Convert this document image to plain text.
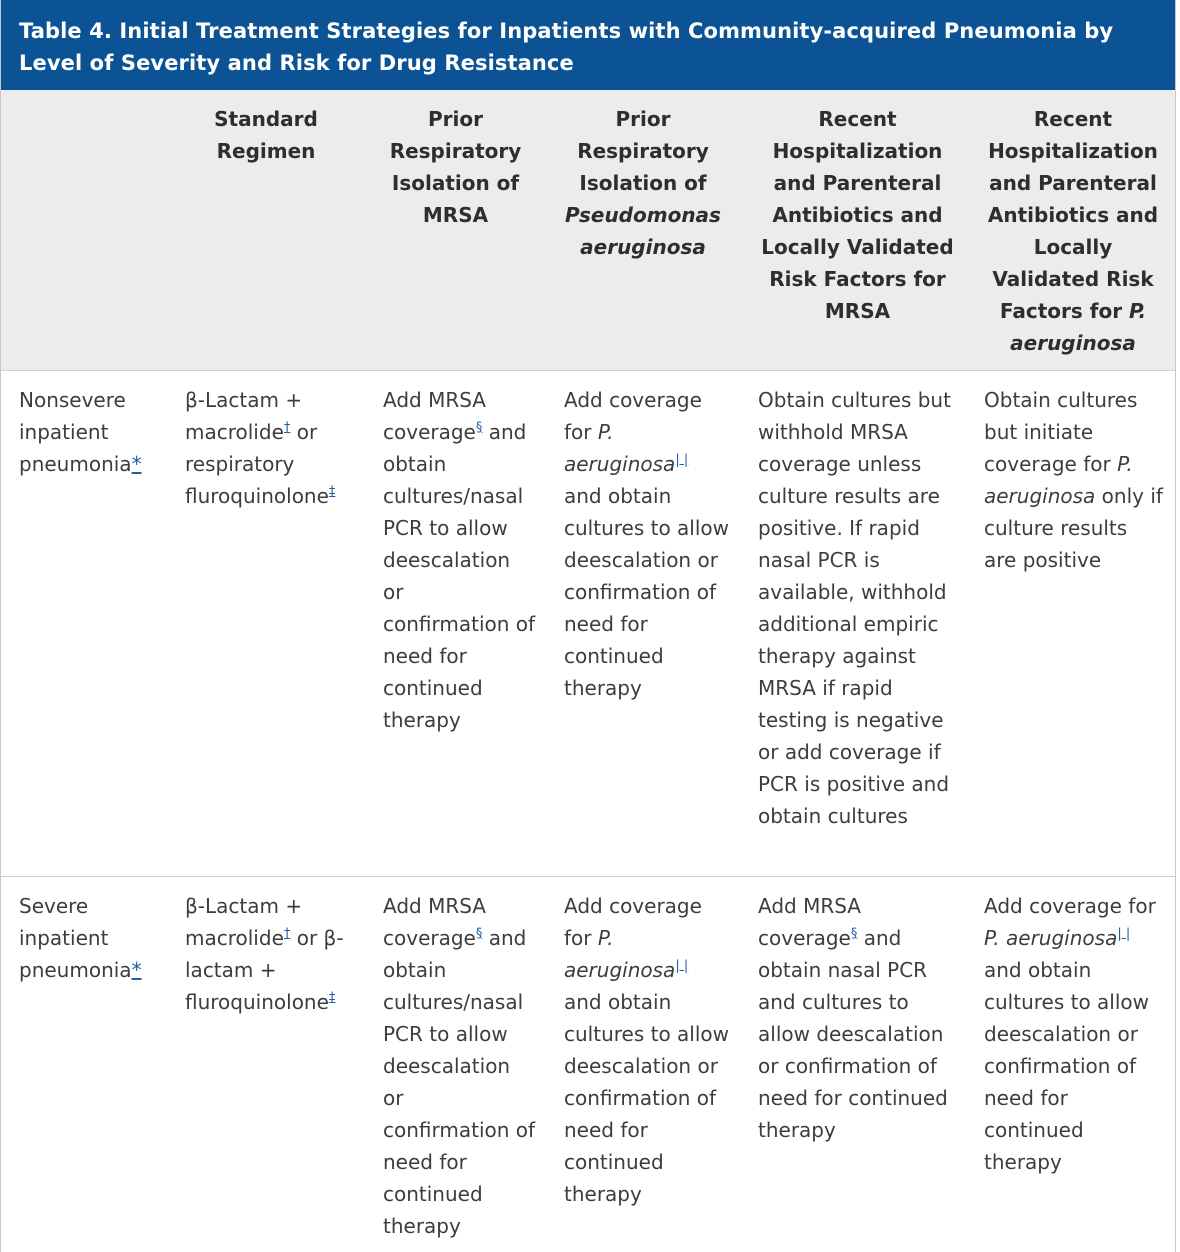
Table 4. Initial Treatment Strategies for Inpatients with Community-acquired Pneumonia by Level of Severity and Risk for Drug Resistance
	Standard Regimen	Prior Respiratory Isolation of MRSA	Prior Respiratory Isolation of Pseudomonas aeruginosa	Recent Hospitalization and Parenteral Antibiotics and Locally Validated Risk Factors for MRSA	Recent Hospitalization and Parenteral Antibiotics and Locally Validated Risk Factors for P. aeruginosa
Nonsevere inpatient pneumonia*	β-Lactam + macrolide† or respiratory fluroquinolone‡	Add MRSA coverage§ and obtain cultures/nasal PCR to allow deescalation or confirmation of need for continued therapy	Add coverage for P. aeruginosa| | and obtain cultures to allow deescalation or confirmation of need for continued therapy	Obtain cultures but withhold MRSA coverage unless culture results are positive. If rapid nasal PCR is available, withhold additional empiric therapy against MRSA if rapid testing is negative or add coverage if PCR is positive and obtain cultures	Obtain cultures but initiate coverage for P. aeruginosa only if culture results are positive
Severe inpatient pneumonia*	β-Lactam + macrolide† or β-lactam + fluroquinolone‡	Add MRSA coverage§ and obtain cultures/nasal PCR to allow deescalation or confirmation of need for continued therapy	Add coverage for P. aeruginosa| | and obtain cultures to allow deescalation or confirmation of need for continued therapy	Add MRSA coverage§ and obtain nasal PCR and cultures to allow deescalation or confirmation of need for continued therapy	Add coverage for P. aeruginosa| | and obtain cultures to allow deescalation or confirmation of need for continued therapy
